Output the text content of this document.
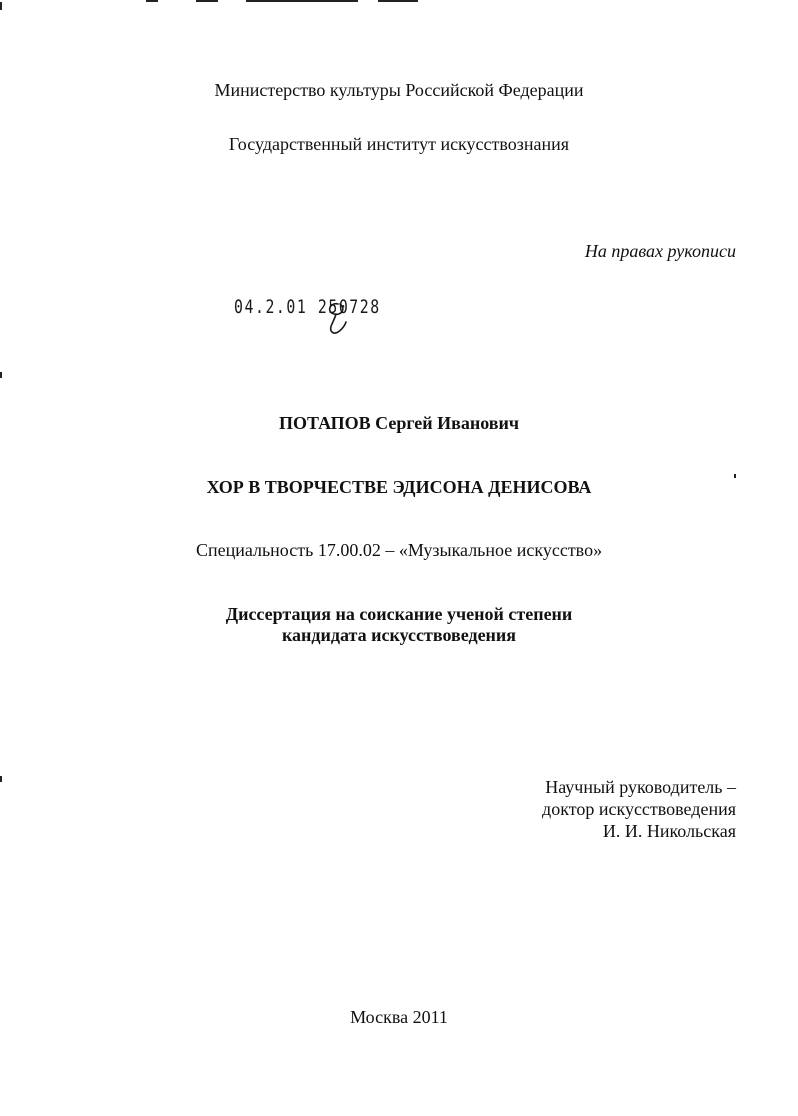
Министерство культуры Российской Федерации
Государственный институт искусствознания
На правах рукописи
04.2.01 250728
ПОТАПОВ Сергей Иванович
ХОР В ТВОРЧЕСТВЕ ЭДИСОНА ДЕНИСОВА
Специальность 17.00.02 – «Музыкальное искусство»
Диссертация на соискание ученой степени
кандидата искусствоведения
Научный руководитель –
доктор искусствоведения
И. И. Никольская
Москва 2011
